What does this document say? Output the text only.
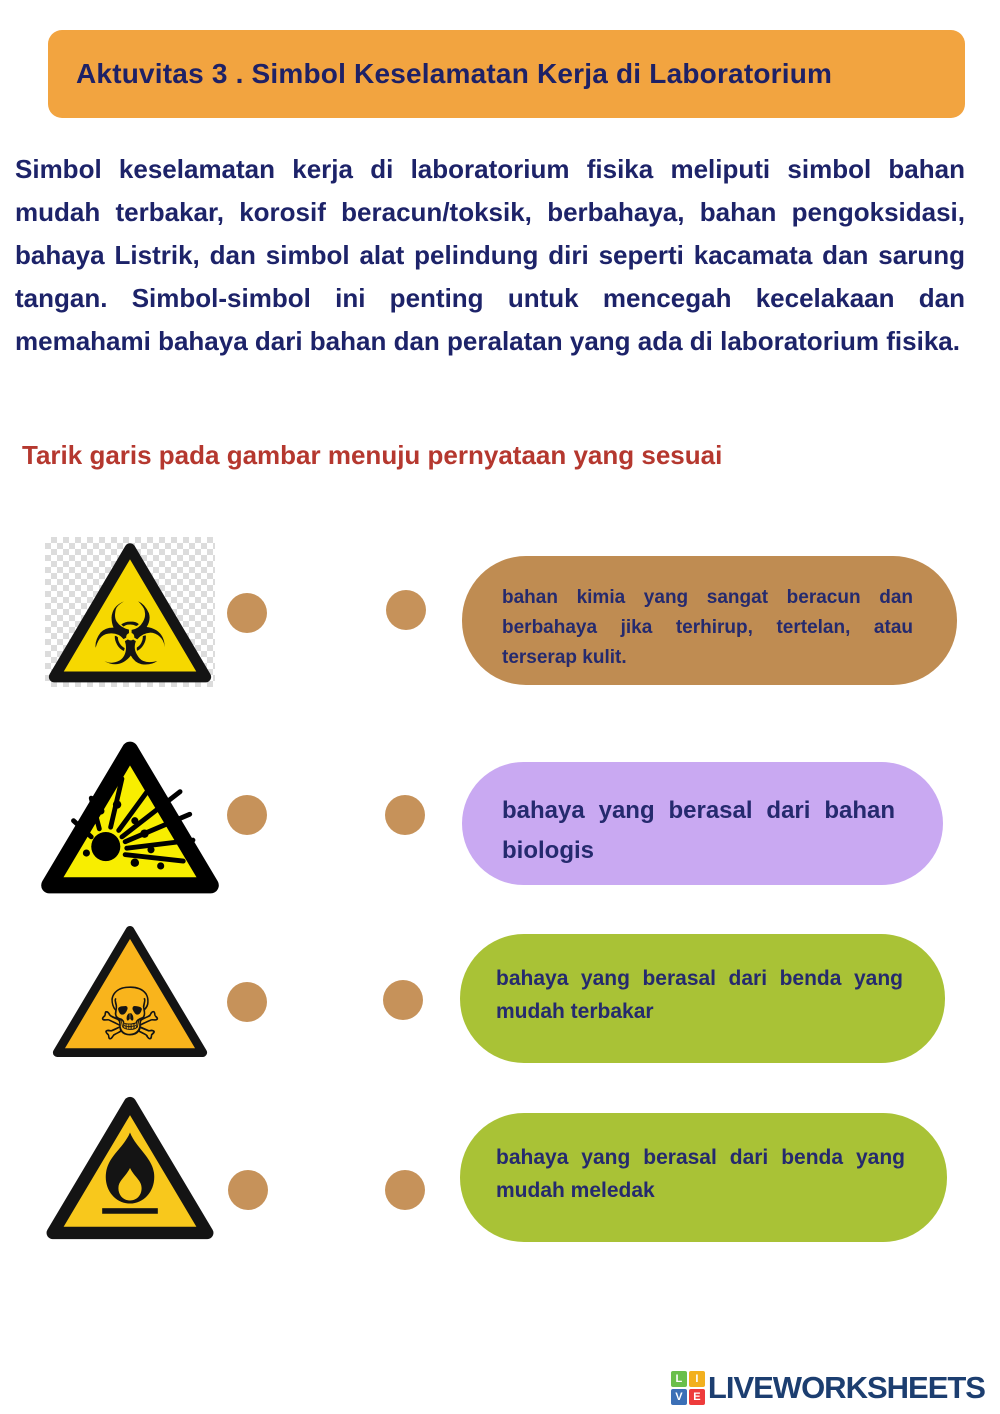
Aktuvitas 3 . Simbol Keselamatan Kerja di Laboratorium

Simbol keselamatan kerja di laboratorium fisika meliputi simbol bahan mudah terbakar, korosif beracun/toksik, berbahaya, bahan pengoksidasi, bahaya Listrik, dan simbol alat pelindung diri seperti kacamata dan sarung tangan. Simbol-simbol ini penting untuk mencegah kecelakaan dan memahami bahaya dari bahan dan peralatan yang ada di laboratorium fisika.

Tarik garis pada gambar menuju pernyataan yang sesuai
☣	bahan kimia yang sangat beracun dan berbahaya jika terhirup, tertelan, atau terserap kulit.
bahaya yang berasal dari bahan biologis
☠	bahaya yang berasal dari benda yang mudah terbakar
bahaya yang berasal dari benda yang mudah meledak
L	I
V E LIVEWORKSHEETS
